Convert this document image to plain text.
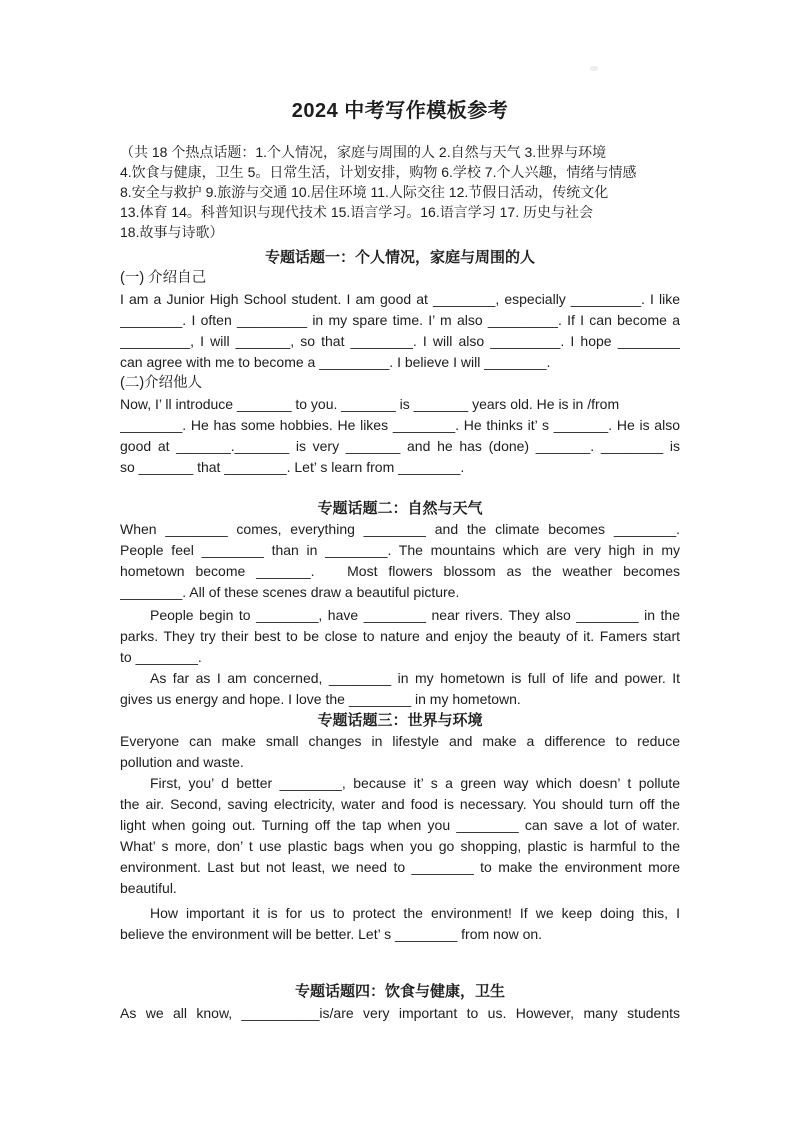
2024 中考写作模板参考
（共 18 个热点话题：1.个人情况，家庭与周围的人 2.自然与天气 3.世界与环境
4.饮食与健康，卫生 5。日常生活，计划安排，购物 6.学校 7.个人兴趣，情绪与情感
8.安全与救护 9.旅游与交通 10.居住环境 11.人际交往 12.节假日活动，传统文化
13.体育 14。科普知识与现代技术 15.语言学习。16.语言学习 17. 历史与社会
18.故事与诗歌）
专题话题一：个人情况，家庭与周围的人
(一) 介绍自己
I am a Junior High School student. I am good at ________, especially _________. I like
________. I often _________ in my spare time. I’ m also _________. If I can become a
_________, I will _______, so that ________. I will also _________. I hope ________
can agree with me to become a _________. I believe I will ________.
(二)介绍他人
Now, I’ ll introduce _______ to you. _______ is _______ years old. He is in /from
________. He has some hobbies. He likes ________. He thinks it’ s _______. He is also
good at _______._______ is very _______ and he has (done) _______. ________ is
so _______ that ________. Let’ s learn from ________.
专题话题二：自然与天气
When ________ comes, everything ________ and the climate becomes ________.
People feel ________ than in ________. The mountains which are very high in my
hometown become _______.   Most flowers blossom as the weather becomes
________. All of these scenes draw a beautiful picture.
People begin to ________, have ________ near rivers. They also ________ in the
parks. They try their best to be close to nature and enjoy the beauty of it. Famers start
to ________.
As far as I am concerned, ________ in my hometown is full of life and power. It
gives us energy and hope. I love the ________ in my hometown.
专题话题三：世界与环境
Everyone can make small changes in lifestyle and make a difference to reduce
pollution and waste.
First, you’ d better ________, because it’ s a green way which doesn’ t pollute
the air. Second, saving electricity, water and food is necessary. You should turn off the
light when going out. Turning off the tap when you ________ can save a lot of water.
What’ s more, don’ t use plastic bags when you go shopping, plastic is harmful to the
environment. Last but not least, we need to ________ to make the environment more
beautiful.
How important it is for us to protect the environment! If we keep doing this, I
believe the environment will be better. Let’ s ________ from now on.
专题话题四：饮食与健康，卫生
As we all know, __________is/are very important to us. However, many students
